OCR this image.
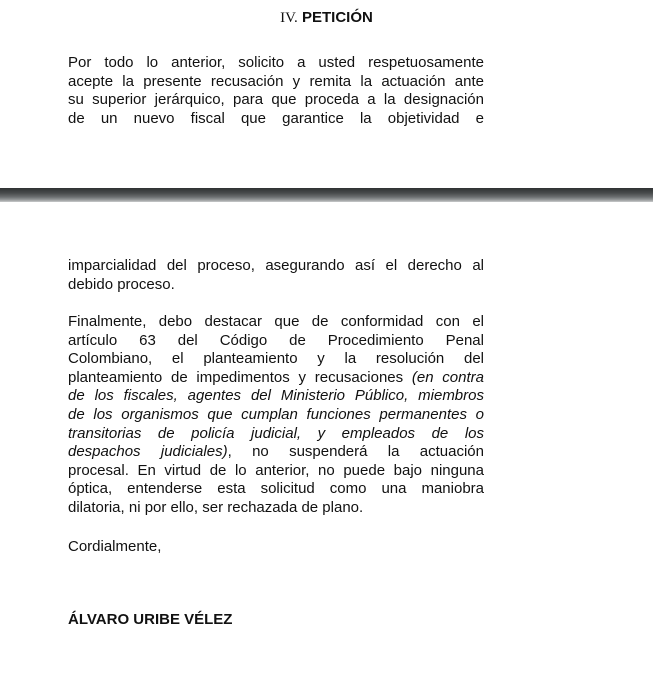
IV. PETICIÓN

Por todo lo anterior, solicito a usted respetuosamente
acepte la presente recusación y remita la actuación ante
su superior jerárquico, para que proceda a la designación
de un nuevo fiscal que garantice la objetividad e

imparcialidad del proceso, asegurando así el derecho al
debido proceso.

Finalmente, debo destacar que de conformidad con el
artículo 63 del Código de Procedimiento Penal
Colombiano, el planteamiento y la resolución del
planteamiento de impedimentos y recusaciones (en contra
de los fiscales, agentes del Ministerio Público, miembros
de los organismos que cumplan funciones permanentes o
transitorias de policía judicial, y empleados de los
despachos judiciales), no suspenderá la actuación
procesal. En virtud de lo anterior, no puede bajo ninguna
óptica, entenderse esta solicitud como una maniobra
dilatoria, ni por ello, ser rechazada de plano.

Cordialmente,
ÁLVARO URIBE VÉLEZ
